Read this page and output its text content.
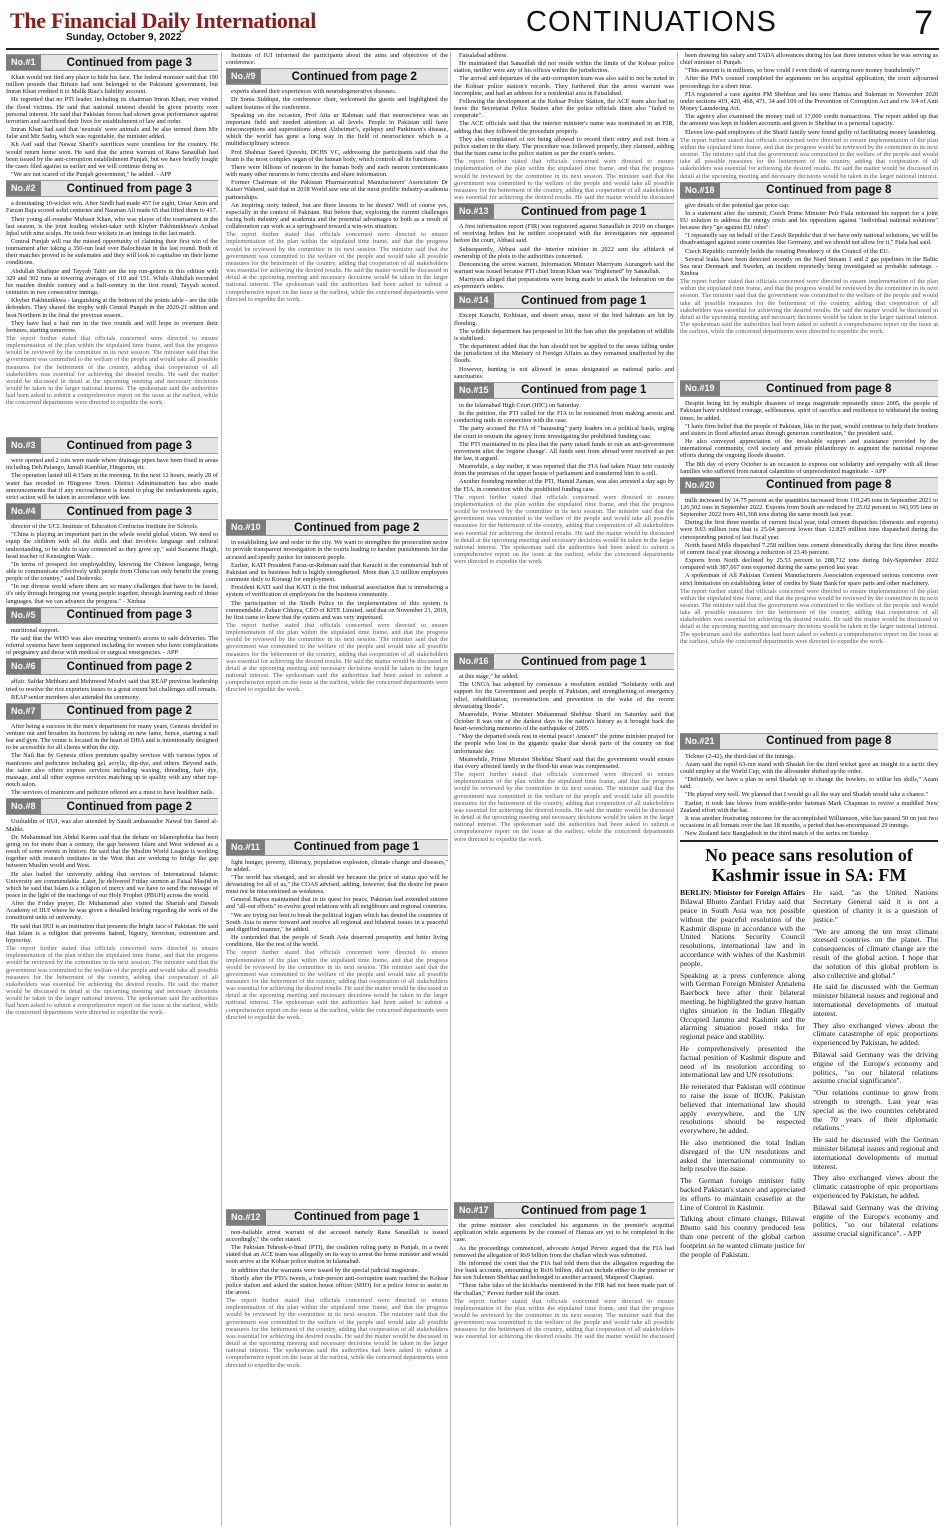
The Financial Daily International
Sunday, October 9, 2022	CONTINUATIONS	7
No.#1	Continued from page 3

Khan would not find any place to hide his face. The federal minister said that 190 million pounds that Britain had sent belonged to the Pakistani government, but Imran Khan credited it to Malik Riaz's liability account.

He regretted that no PTI leader, including its chairman Imran Khan, ever visited the flood victims. He said that national interest should be given priority over personal interest. He said that Pakistan forces had shown great performance against terrorism and sacrificed their lives for establishment of law and order.

Imran Khan had said that 'neutrals' were animals and he also termed them Mir Jafar and Mir Sadiq, which was regrettable, the minister added.

Kh Asif said that Nawaz Sharif's sacrifices were countless for the country. He would return home soon. He said that the arrest warrant of Rana Sanaullah had been issued by the anti-corruption establishment Punjab, but we have briefly fought the cases filed against us earlier and we will continue doing so.

"We are not scared of the Punjab government," he added. - APP

No.#2	Continued from page 3

a dominating 10-wicket win. After Sindh had made 457 for eight, Umar Amin and Farzan Raja scored solid centuries and Nauman Ali made 65 that lifted them to 417.

Their young all-rounder Mubasir Khan, who was player of the tournament in the last season, is the joint leading wicket-taker with Khyber Pakhtunkhwa's Arshad Iqbal with nine scalps. He took four wickets in an innings in the last match.

Central Punjab will rue the missed opportunity of claiming their first win of the tournament after taking a 350-run lead over Balochistan in the last round. Both of their matches proved to be stalemates and they will look to capitalise on their home conditions.

Abdullah Shafique and Tayyab Tahir are the top run-getters in this edition with 329 and 302 runs at towering averages of 110 and 151. While Abdullah recorded his maiden double century and a half-century in the first round, Tayyab scored centuries in two consecutive innings.

Khyber Pakhtunkhwa - languishing at the bottom of the points table - are the title defenders. They shared the trophy with Central Punjab in the 2020-21 edition and beat Northern in the final the previous season.

They have had a bad run in the two rounds and will hope to overturn their fortunes, starting tomorrow.

The report further stated that officials concerned were directed to ensure implementation of the plan within the stipulated time frame, and that the progress would be reviewed by the committee in its next session. The minister said that the government was committed to the welfare of the people and would take all possible measures for the betterment of the country, adding that cooperation of all stakeholders was essential for achieving the desired results. He said the matter would be discussed in detail at the upcoming meeting and necessary decisions would be taken in the larger national interest. The spokesman said the authorities had been asked to submit a comprehensive report on the issue at the earliest, while the concerned departments were directed to expedite the work.
No.#3	Continued from page 3

were opened and 2 cuts were made where drainage pipes have been fixed in areas including Deh Palango, Jamali Kamblar, Hingorno, etc.

The operation lasted till 4:15am in the morning. In the next 12 hours, nearly 28 of water has receded in Hingorno Town. District Administration has also made announcements that if any encroachment is found to plug the embankments again, strict action will be taken in accordance with law.

No.#4	Continued from page 3

director of the UCL Institute of Education Confucius Institute for Schools.

"China is playing an important part in the whole world global vision. We need to equip the children with all the skills and that involves language and cultural understanding, to be able to stay connected as they grow up," said Suzanne Haigh, head teacher of Kensington Wade.

"In terms of prospect for employability, knowing the Chinese language, being able to communicate effectively with people from China can only benefit the young people of the country," said Dodevski.

"In our diverse world where there are so many challenges that have to be faced, it's only through bringing our young people together, through learning each of those languages, that we can advance the progress." - Xinhua

No.#5	Continued from page 3

nutritional support.

He said that the WHO was also ensuring women's access to safe deliveries. The referral systems have been supported including for women who have complications of pregnancy and those with medical or surgical emergencies. - APP

No.#6	Continued from page 2

affair. Safdar Mehbani and Mehmood Moolvi said that REAP previous leadership tried to resolve the rice exporters issues to a great extent but challenges still remain.

REAP senior members also attended the ceremony.

No.#7	Continued from page 2

After being a success in the men's department for many years, Genesis decided to venture out and broaden its horizons by taking on new fame, hence, starting a nail bar and gym. The venue is located in the heart of DHA and is intentionally designed to be accessible for all clients within the city.

The Nail Bar by Genesis offers premium quality services with various types of manicures and pedicures including gel, acrylic, dip-dye, and others. Beyond nails, the salon also offers express services including waxing, threading, hair dye, massage, and all other express services matching up to quality with any other top-notch salon.

The services of manicure and pedicure offered are a must to have healthier nails.

No.#8	Continued from page 2

Usuluddin of IIUI, was also attended by Saudi ambassador Nawaf bin Saeed al-Maliki.

Dr. Muhammad bin Abdul Karim said that the debate on Islamophobia has been going on for more than a century, the gap between Islam and West widened as a result of some events in history. He said that the Muslim World League is working together with research institutes in the West that are working to bridge the gap between Muslim world and West.

He also hailed the university adding that services of International Islamic University are commendable. Later, he delivered Friday sermon at Faisal Masjid in which he said that Islam is a religion of mercy and we have to send the message of peace in the light of the teachings of our Holy Prophet (PBUH) across the world.

After the Friday prayer, Dr. Muhammad also visited the Shariah and Dawah Academy of IIUI where he was given a detailed briefing regarding the work of the constituent units of university.

He said that IIUI is an institution that presents the bright face of Pakistan. He said that Islam is a religion that prevents hatred, bigotry, terrorism, extremism and hypocrisy.

The report further stated that officials concerned were directed to ensure implementation of the plan within the stipulated time frame, and that the progress would be reviewed by the committee in its next session. The minister said that the government was committed to the welfare of the people and would take all possible measures for the betterment of the country, adding that cooperation of all stakeholders was essential for achieving the desired results. He said the matter would be discussed in detail at the upcoming meeting and necessary decisions would be taken in the larger national interest. The spokesman said the authorities had been asked to submit a comprehensive report on the issue at the earliest, while the concerned departments were directed to expedite the work.

Institute of IUI informed the participants about the aims and objectives of the conference.

No.#9	Continued from page 2

experts shared their experiences with neurodegenerative diseases.

Dr Sonia Siddiqui, the conference chair, welcomed the guests and highlighted the salient features of the conference.

Speaking on the occasion, Prof Atta ur Rahman said that neuroscience was an important field and needed attention at all levels. People in Pakistan still have misconceptions and superstitions about Alzheimer's, epilepsy and Parkinson's disease, which the world has gone a long way in the field of neuroscience which is a multidisciplinary science.

Prof Shahnaz Saeed Qureshi, DCHS VC, addressing the participants said that the brain is the most complex organ of the human body, which controls all its functions.

There were billions of neurons in the human body and each neuron communicates with many other neurons to form circuits and share information.

Former Chairman of the Pakistan Pharmaceutical Manufacturers' Association Dr Kaiser Waheed, said that in 2018 World saw one of the most prolific industry-academia partnerships.

An inspiring story indeed, but are there lessons to be drawn? Well of course yes, especially in the context of Pakistan. But before that, exploring the current challenges facing both industry and academia and the potential advantages to both as a result of collaboration can work as a springboard toward a win-win situation.

The report further stated that officials concerned were directed to ensure implementation of the plan within the stipulated time frame, and that the progress would be reviewed by the committee in its next session. The minister said that the government was committed to the welfare of the people and would take all possible measures for the betterment of the country, adding that cooperation of all stakeholders was essential for achieving the desired results. He said the matter would be discussed in detail at the upcoming meeting and necessary decisions would be taken in the larger national interest. The spokesman said the authorities had been asked to submit a comprehensive report on the issue at the earliest, while the concerned departments were directed to expedite the work.
No.#10	Continued from page 2

in establishing law and order in the city. We want to strengthen the prosecution sector to provide transparent investigation in the courts leading to harsher punishments for the accused and speedy justice for innocent people.

Earlier, KATI President Faraz-ur-Rehman said that Karachi is the commercial hub of Pakistan and its business hub is highly strengthened. More than 3.5 million employees commute daily to Korangi for employment.

President KATI said that KATI is the first industrial association that is introducing a system of verification of employees for the business community.

The participation of the Sindh Police in the implementation of this system is commendable. Zubair Chhaya, CEO of KITE Limited, said that on November 21, 2019, he first came to know that the system and was very impressed.

The report further stated that officials concerned were directed to ensure implementation of the plan within the stipulated time frame, and that the progress would be reviewed by the committee in its next session. The minister said that the government was committed to the welfare of the people and would take all possible measures for the betterment of the country, adding that cooperation of all stakeholders was essential for achieving the desired results. He said the matter would be discussed in detail at the upcoming meeting and necessary decisions would be taken in the larger national interest. The spokesman said the authorities had been asked to submit a comprehensive report on the issue at the earliest, while the concerned departments were directed to expedite the work.
No.#11	Continued from page 1

fight hunger, poverty, illiteracy, population explosion, climate change and diseases," he added.

"The world has changed, and so should we because the price of status quo will be devastating for all of us," the COAS advised, adding, however, that the desire for peace must not be misconstrued as weakness.

General Bajwa maintained that in its quest for peace, Pakistan had extended sincere and "all-out efforts" to evolve good relations with all neighbours and regional countries.

"We are trying our best to break the political logjam which has denied the countries of South Asia to move forward and resolve all regional and bilateral issues in a peaceful and dignified manner," he added.

He contended that the people of South Asia deserved prosperity and better living conditions, like the rest of the world.

The report further stated that officials concerned were directed to ensure implementation of the plan within the stipulated time frame, and that the progress would be reviewed by the committee in its next session. The minister said that the government was committed to the welfare of the people and would take all possible measures for the betterment of the country, adding that cooperation of all stakeholders was essential for achieving the desired results. He said the matter would be discussed in detail at the upcoming meeting and necessary decisions would be taken in the larger national interest. The spokesman said the authorities had been asked to submit a comprehensive report on the issue at the earliest, while the concerned departments were directed to expedite the work.
No.#12	Continued from page 1

non-bailable arrest warrant of the accused namely Rana Sanaullah is issued accordingly," the order stated.

The Pakistan Tehreek-e-Insaf (PTI), the coalition ruling party in Punjab, in a tweet stated that an ACE team was allegedly on its way to arrest the home minister and would soon arrive at the Kohsar police station in Islamabad.

In addition that the warrants were issued by the special judicial magistrate.

Shortly after the PTI's tweets, a four-person anti-corruption team reached the Kohsar police station and asked the station house officer (SHO) for a police force to assist in the arrest.

The report further stated that officials concerned were directed to ensure implementation of the plan within the stipulated time frame, and that the progress would be reviewed by the committee in its next session. The minister said that the government was committed to the welfare of the people and would take all possible measures for the betterment of the country, adding that cooperation of all stakeholders was essential for achieving the desired results. He said the matter would be discussed in detail at the upcoming meeting and necessary decisions would be taken in the larger national interest. The spokesman said the authorities had been asked to submit a comprehensive report on the issue at the earliest, while the concerned departments were directed to expedite the work.

Faisalabad address.

He maintained that Sanaullah did not reside within the limits of the Kohsar police station, neither were any of his offices within the jurisdiction.

The arrival and departure of the anti-corruption team was also said to not be noted in the Kohsar police station's records. They furthered that the arrest warrant was incomplete, and had an address for a residential area in Faisalabad.

Following the development at the Kohsar Police Station, the ACE team also had to leave the Secretariat Police Station after the police officials there also "failed to cooperate".

The ACE officials said that the interior minister's name was nominated in an FIR, adding that they followed the procedure properly.

They also complained of not being allowed to record their entry and exit from a police station in the diary. The procedure was followed properly, they claimed, adding that the team came to the police station as per the court's orders.

The report further stated that officials concerned were directed to ensure implementation of the plan within the stipulated time frame, and that the progress would be reviewed by the committee in its next session. The minister said that the government was committed to the welfare of the people and would take all possible measures for the betterment of the country, adding that cooperation of all stakeholders was essential for achieving the desired results. He said the matter would be discussed in detail at the upcoming meeting and necessary decisions would be taken in the larger national interest. The spokesman said the authorities had been asked to submit a comprehensive report on the issue at the earliest, while the concerned departments were directed to expedite the work.
No.#13	Continued from page 1

A first information report (FIR) was registered against Sanaullah in 2019 on charges of receiving bribes but he neither cooperated with the investigators nor appeared before the court, Abbasi said.

Subsequently, Abbasi said the interior minister in 2022 sent the affidavit of ownership of the plots to the authorities concerned.

Denouncing the arrest warrant, Information Minister Marriyum Aurangzeb said the warrant was issued because PTI chief Imran Khan was "frightened" by Sanaullah.

Marriyum alleged that preparations were being made to attack the federation on the ex-premier's orders.

No.#14	Continued from page 1

Except Karachi, Kohistan, and desert areas, most of the bird habitats are hit by flooding.

The wildlife department has proposed to lift the ban after the population of wildlife is stabilised.

The department added that the ban should not be applied to the areas falling under the jurisdiction of the Ministry of Foreign Affairs as they remained unaffected by the floods.

However, hunting is not allowed in areas designated as national parks and sanctuaries.

No.#15	Continued from page 1

in the Islamabad High Court (IHC) on Saturday.

In the petition, the PTI called for the FIA to be restrained from making arrests and conducting raids in connection with the case.

The party accused the FIA of "harassing" party leaders on a political basis, urging the court to restrain the agency from investigating the prohibited funding case.

The PTI maintained in its plea that the party raised funds to run an anti-government movement after the 'regime change'. All funds sent from abroad were received as per the law, it argued.

Meanwhile, a day earlier, it was reported that the FIA had taken Niazi into custody from the premises of the upper house of parliament and transferred him to a cell.

Another founding member of the PTI, Hamid Zaman, was also arrested a day ago by the FIA, in connection with the prohibited funding case.

The report further stated that officials concerned were directed to ensure implementation of the plan within the stipulated time frame, and that the progress would be reviewed by the committee in its next session. The minister said that the government was committed to the welfare of the people and would take all possible measures for the betterment of the country, adding that cooperation of all stakeholders was essential for achieving the desired results. He said the matter would be discussed in detail at the upcoming meeting and necessary decisions would be taken in the larger national interest. The spokesman said the authorities had been asked to submit a comprehensive report on the issue at the earliest, while the concerned departments were directed to expedite the work.
No.#16	Continued from page 1

at this stage," he added.

The UNGA has adopted by consensus a resolution entitled "Solidarity with and support for the Government and people of Pakistan, and strengthening of emergency relief, rehabilitation, reconstruction and prevention in the wake of the recent devastating floods".

Meanwhile, Prime Minister Muhammad Shehbaz Sharif on Saturday said that October 8 was one of the darkest days in the nation's history as it brought back the heart-wrenching memories of the earthquake of 2005.

"May the departed souls rest in eternal peace! Ameen!" the prime minister prayed for the people who lost in the gigantic quake that shook parts of the country on that unfortunate day.

Meanwhile, Prime Minister Shehbaz Sharif said that the government would ensure that every affected family in the flood-hit areas was compensated.

The report further stated that officials concerned were directed to ensure implementation of the plan within the stipulated time frame, and that the progress would be reviewed by the committee in its next session. The minister said that the government was committed to the welfare of the people and would take all possible measures for the betterment of the country, adding that cooperation of all stakeholders was essential for achieving the desired results. He said the matter would be discussed in detail at the upcoming meeting and necessary decisions would be taken in the larger national interest. The spokesman said the authorities had been asked to submit a comprehensive report on the issue at the earliest, while the concerned departments were directed to expedite the work.
No.#17	Continued from page 1

the prime minister also concluded his arguments in the premier's acquittal application while arguments by the counsel of Hamza are yet to be completed in the case.

As the proceedings commenced, advocate Amjad Pervez argued that the FIA had removed the allegation of Rs9 billion from the challan which was submitted.

He informed the court that the FIA had told them that the allegation regarding the live bank accounts, amounting to Rs16 billion, did not include either to the premier or his son Sulemen Shehbaz and belonged to another accused, Maqsood Chaprasi.

"These false tales of the kickbacks mentioned in the FIR had not been made part of the challan," Pervez further told the court.

The report further stated that officials concerned were directed to ensure implementation of the plan within the stipulated time frame, and that the progress would be reviewed by the committee in its next session. The minister said that the government was committed to the welfare of the people and would take all possible measures for the betterment of the country, adding that cooperation of all stakeholders was essential for achieving the desired results. He said the matter would be discussed in detail at the upcoming meeting and necessary decisions would be taken in the larger national interest. The spokesman said the authorities had been asked to submit a comprehensive report on the issue at the earliest, while the concerned departments were directed to expedite the work.

been drawing his salary and TADA allowances during his last three tenures when he was serving as chief minister of Punjab.

"This amount is in millions, so how could I even think of earning more money fraudulently?"

After the PM's counsel completed the arguments on his acquittal application, the court adjourned proceedings for a short time.

FIA registered a case against PM Shehbaz and his sons Hamza and Suleman in November 2020 under sections 419, 420, 468, 471, 34 and 109 of the Prevention of Corruption Act and r/w 3/4 of Anti Money Laundering Act.

The agency also examined the money trail of 17,000 credit transactions. The report added up that the amount was kept in hidden accounts and given to Shehbaz in a personal capacity.

Eleven low-paid employees of the Sharif family were found guilty of facilitating money laundering.

The report further stated that officials concerned were directed to ensure implementation of the plan within the stipulated time frame, and that the progress would be reviewed by the committee in its next session. The minister said that the government was committed to the welfare of the people and would take all possible measures for the betterment of the country, adding that cooperation of all stakeholders was essential for achieving the desired results. He said the matter would be discussed in detail at the upcoming meeting and necessary decisions would be taken in the larger national interest. The spokesman said the authorities had been asked to submit a comprehensive report on the issue at the earliest, while the concerned departments were directed to expedite the work.
No.#18	Continued from page 8

give details of the potential gas price cap.

In a statement after the summit, Czech Prime Minister Petr Fiala reiterated his support for a joint EU solution to address the energy crisis and his opposition against "individual national solutions" because they "go against EU rules".

"I repeatedly say on behalf of the Czech Republic that if we have only national solutions, we will be disadvantaged against some countries like Germany, and we should not allow for it," Fiala had said.

Czech Republic currently holds the rotating Presidency of the Council of the EU.

Several leaks have been detected recently on the Nord Stream 1 and 2 gas pipelines in the Baltic Sea near Denmark and Sweden, an incident reportedly being investigated as probable sabotage. - Xinhua

The report further stated that officials concerned were directed to ensure implementation of the plan within the stipulated time frame, and that the progress would be reviewed by the committee in its next session. The minister said that the government was committed to the welfare of the people and would take all possible measures for the betterment of the country, adding that cooperation of all stakeholders was essential for achieving the desired results. He said the matter would be discussed in detail at the upcoming meeting and necessary decisions would be taken in the larger national interest. The spokesman said the authorities had been asked to submit a comprehensive report on the issue at the earliest, while the concerned departments were directed to expedite the work.
No.#19	Continued from page 8

Despite being hit by multiple disasters of mega magnitude repeatedly since 2005, the people of Pakistan have exhibited courage, selflessness, spirit of sacrifice and resilience to withstand the testing times, he added.

"I have firm belief that the people of Pakistan, like in the past, would continue to help their brothers and sisters in flood affected areas through generous contribution," the president said.

He also conveyed appreciation of the invaluable support and assistance provided by the international community, civil society and private philanthropy to augment the national response efforts during the ongoing floods disaster.

The 8th day of every October is an occasion to express our solidarity and sympathy with all those families who suffered from natural calamities of unprecedented magnitude. - APP

No.#20	Continued from page 8

mills increased by 14.75 percent as the quantities increased from 110,245 tons in September 2021 to 126,502 tons in September 2022. Exports from South are reduced by 25.02 percent to 343,935 tons in September 2022 from 461,368 tons during the same month last year.

During the first three months of current fiscal year, total cement dispatches (domestic and exports) were 9.63 million tons that is 25.04 percent lower than 12.825 million tons dispatched during the corresponding period of last fiscal year.

North based Mills dispatched 7.258 million tons cement domestically during the first three months of current fiscal year showing a reduction of 23.46 percent.

Exports from North declined by 25.53 percent to 288,712 tons during July-September 2022 compared with 387,667 tons exported during the same period last year.

A spokesman of All Pakistan Cement Manufacturers Association expressed serious concerns over strict limitations on establishing letter of credits by State Bank for spare parts and other machinery.

The report further stated that officials concerned were directed to ensure implementation of the plan within the stipulated time frame, and that the progress would be reviewed by the committee in its next session. The minister said that the government was committed to the welfare of the people and would take all possible measures for the betterment of the country, adding that cooperation of all stakeholders was essential for achieving the desired results. He said the matter would be discussed in detail at the upcoming meeting and necessary decisions would be taken in the larger national interest. The spokesman said the authorities had been asked to submit a comprehensive report on the issue at the earliest, while the concerned departments were directed to expedite the work.
No.#21	Continued from page 8

Tickner (2-42), the third-fast of the innings.

Azam said the rapid 63-run stand with Shadab for the third wicket gave an insight to a tactic they could employ at the World Cup, with the allrounder shifted up the order.

"Definitely, we have a plan to send Shadab up to change the bowlers, to utilise his skills," Azam said.

"He played very well. We planned that I would go all the way and Shadab would take a chance."

Earlier, it took late blows from middle-order batsman Mark Chapman to revive a muddled New Zealand effort with the bat.

It was another frustrating outcome for the accomplished Williamson, who has passed 50 on just two occasions in all formats over the last 18 months, a period that has encompassed 29 innings.

New Zealand face Bangladesh in the third match of the series on Sunday.

No peace sans resolution of Kashmir issue in SA: FM

BERLIN: Minister for Foreign Affairs Bilawal Bhutto Zardari Friday said that peace in South Asia was not possible without the peaceful resolution of the Kashmir dispute in accordance with the United Nations Security Council resolutions, international law and in accordance with wishes of the Kashmiri people.

Speaking at a press conference along with German Foreign Minister Annalena Baerbock here after their bilateral meeting, he highlighted the grave human rights situation in the Indian Illegally Occupied Jammu and Kashmir and the alarming situation posed risks for regional peace and stability.

He comprehensively presented the factual position of Kashmir dispute and need of its resolution according to international law and UN resolutions.

He reiterated that Pakistan will continue to raise the issue of IIOJK. Pakistan believed that international law should apply everywhere, and the UN resolutions should be respected everywhere, he added.

He also mentioned the total Indian disregard of the UN resolutions and asked the international community to help resolve the issue.

The German foreign minister fully backed Pakistan's stance and appreciated its efforts to maintain ceasefire at the Line of Control in Kashmir.

Talking about climate change, Bilawal Bhutto said his country produced less than one percent of the global carbon footprint so he wanted climate justice for the people of Pakistan.

He said, "as the United Nations Secretary General said it is not a question of charity it is a question of justice."

"We are among the ten most climate stressed countries on the planet. The consequences of climate change are the result of the global action. I hope that the solution of this global problem is also collective and global."

He said he discussed with the German minister bilateral issues and regional and international developments of mutual interest.

They also exchanged views about the climate catastrophe of epic proportions experienced by Pakistan, he added.

Bilawal said Germany was the driving engine of the Europe's economy and politics, "so our bilateral relations assume crucial significance".

"Our relations continue to grow from strength to strength. Last year was special as the two countries celebrated the 70 years of their diplomatic relations."

He said he discussed with the German minister bilateral issues and regional and international developments of mutual interest.

They also exchanged views about the climatic catastrophe of epic proportions experienced by Pakistan, he added.

Bilawal said Germany was the driving engine of the Europe's economy and politics, "so our bilateral relations assume crucial significance". - APP
